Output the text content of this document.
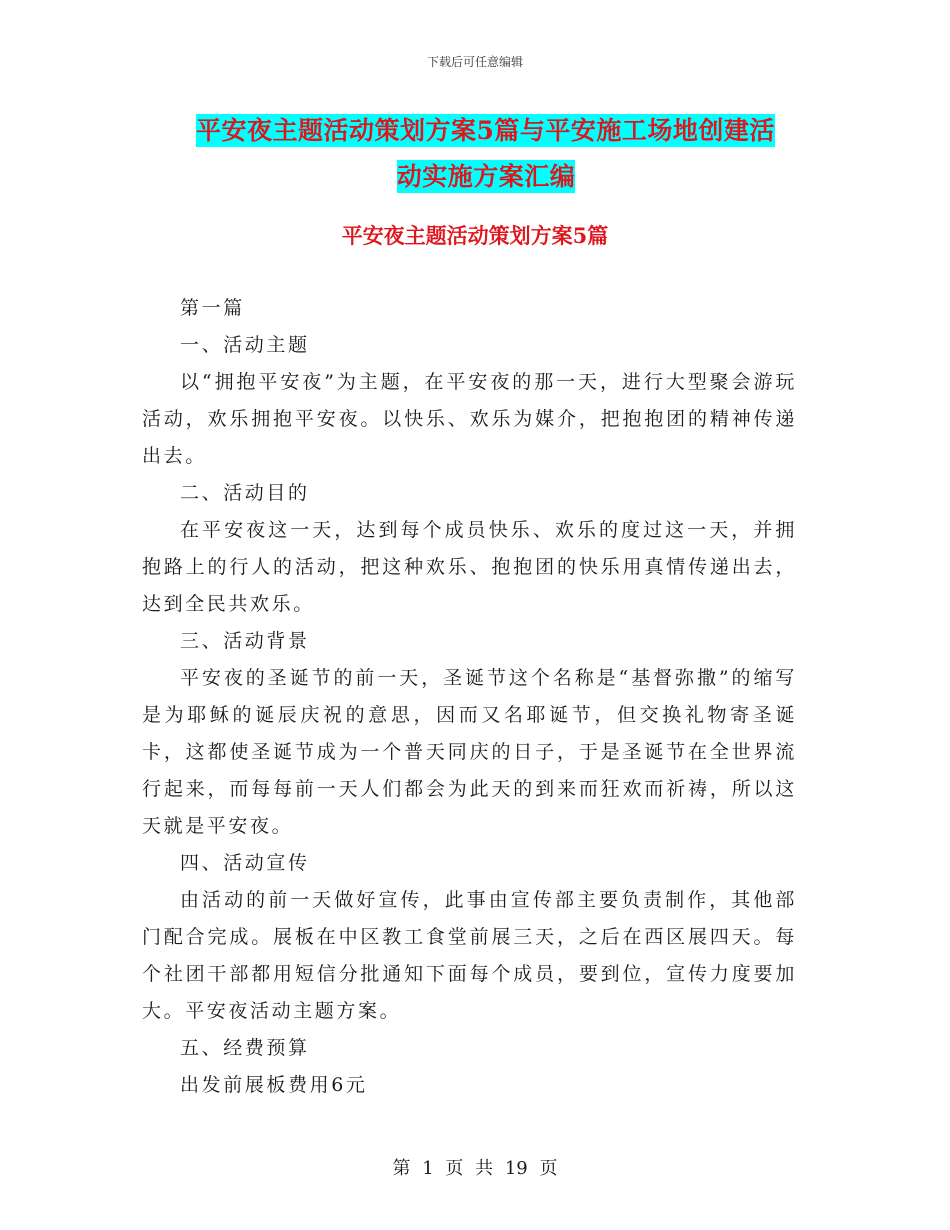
下载后可任意编辑
平安夜主题活动策划方案5篇与平安施工场地创建活
动实施方案汇编
平安夜主题活动策划方案5篇

第一篇

一、活动主题

以“拥抱平安夜”为主题，在平安夜的那一天，进行大型聚会游玩活动，欢乐拥抱平安夜。以快乐、欢乐为媒介，把抱抱团的精神传递出去。

二、活动目的

在平安夜这一天，达到每个成员快乐、欢乐的度过这一天，并拥抱路上的行人的活动，把这种欢乐、抱抱团的快乐用真情传递出去，达到全民共欢乐。

三、活动背景

平安夜的圣诞节的前一天，圣诞节这个名称是“基督弥撒”的缩写是为耶稣的诞辰庆祝的意思，因而又名耶诞节，但交换礼物寄圣诞卡，这都使圣诞节成为一个普天同庆的日子，于是圣诞节在全世界流行起来，而每每前一天人们都会为此天的到来而狂欢而祈祷，所以这天就是平安夜。

四、活动宣传

由活动的前一天做好宣传，此事由宣传部主要负责制作，其他部门配合完成。展板在中区教工食堂前展三天，之后在西区展四天。每个社团干部都用短信分批通知下面每个成员，要到位，宣传力度要加大。平安夜活动主题方案。

五、经费预算

出发前展板费用6元

第 1 页 共 19 页
